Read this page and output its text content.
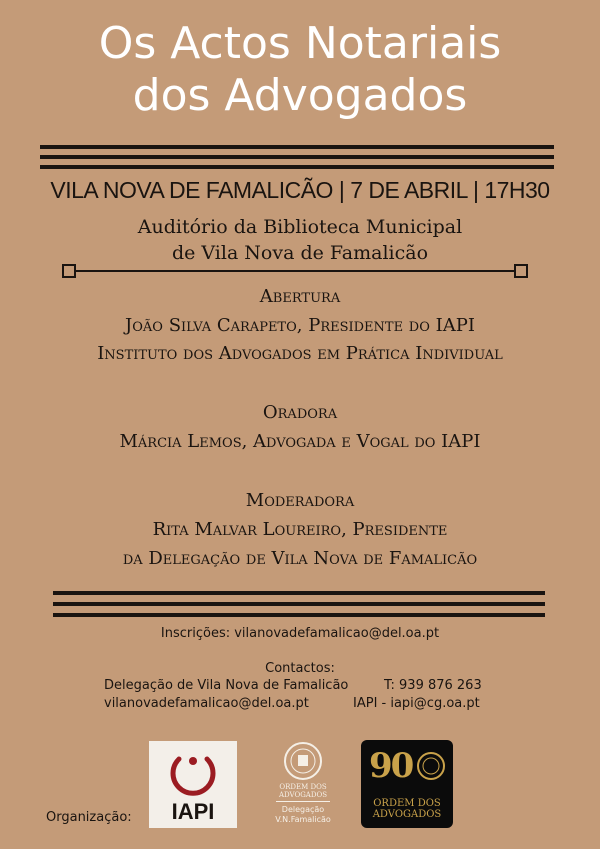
Os Actos Notariais
dos Advogados
VILA NOVA DE FAMALICÃO | 7 DE ABRIL | 17H30
Auditório da Biblioteca Municipal
de Vila Nova de Famalicão
Abertura
João Silva Carapeto, Presidente do IAPI
Instituto dos Advogados em Prática Individual
Oradora
Márcia Lemos, Advogada e Vogal do IAPI
Moderadora
Rita Malvar Loureiro, Presidente
da Delegação de Vila Nova de Famalicão
Inscrições: vilanovadefamalicao@del.oa.pt
Contactos:
Delegação de Vila Nova de Famalicão	T: 939 876 263
vilanovadefamalicao@del.oa.pt	IAPI - iapi@cg.oa.pt
Organização:	IAPI
ORDEM DOS ADVOGADOS
Delegação V.N.Famalicão
90
ORDEM DOS ADVOGADOS
